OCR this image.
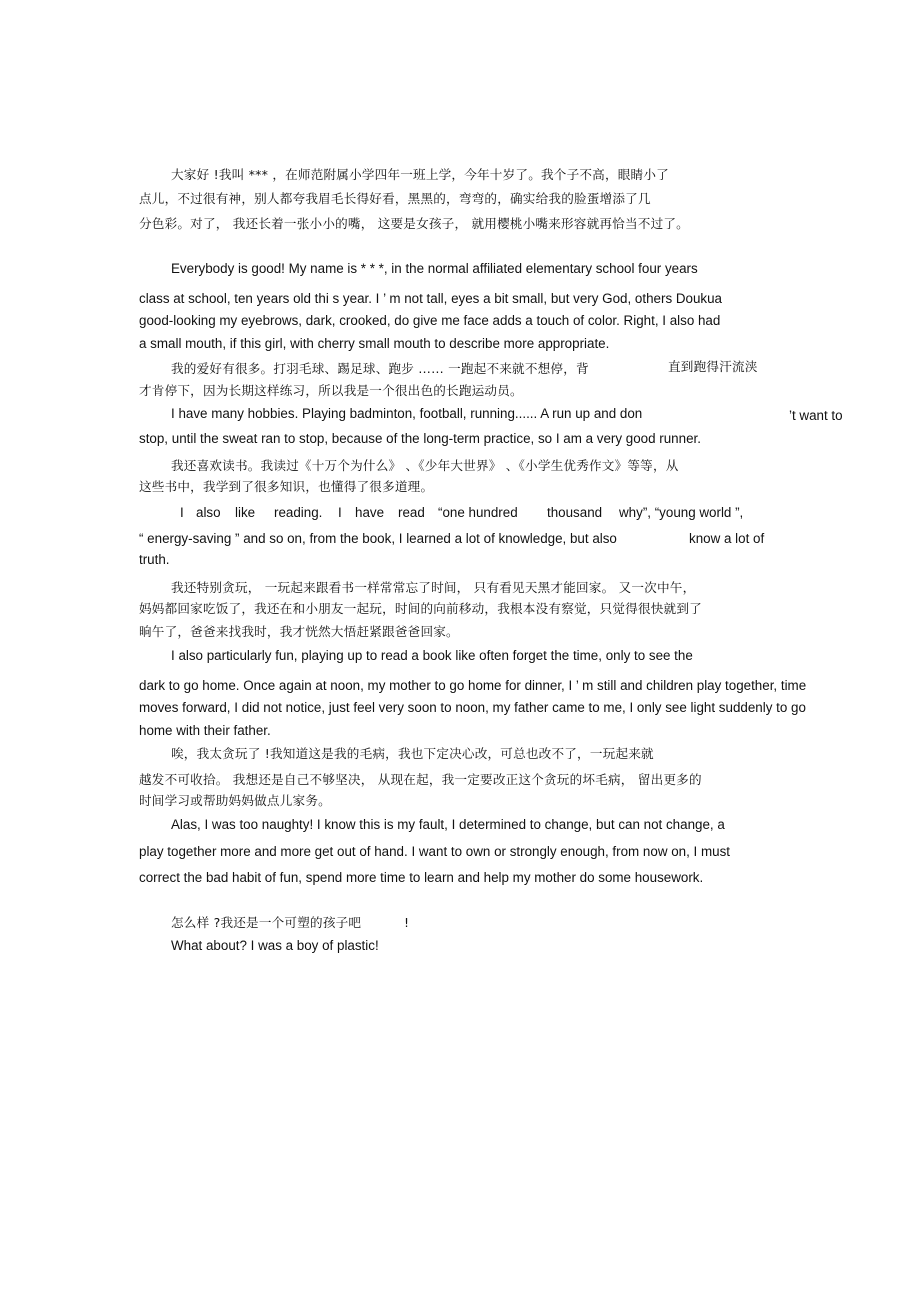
大家好 !我叫 *** ，在师范附属小学四年一班上学，今年十岁了。我个子不高，眼睛小了
点儿，不过很有神，别人都夸我眉毛长得好看，黑黑的，弯弯的，确实给我的脸蛋增添了几
分色彩。对了， 我还长着一张小小的嘴， 这要是女孩子， 就用樱桃小嘴来形容就再恰当不过了。
Everybody is good! My name is * * *, in the normal affiliated elementary school four years
class at school, ten years old thi s year. I ’ m not tall, eyes a bit small, but very God, others Doukua
good-looking my eyebrows, dark, crooked, do give me face adds a touch of color. Right, I also had
a small mouth, if this girl, with cherry small mouth to describe more appropriate.
我的爱好有很多。打羽毛球、踢足球、跑步 …… 一跑起不来就不想停，背	直到跑得汗流浃
才肯停下，因为长期这样练习，所以我是一个很出色的长跑运动员。
I have many hobbies. Playing badminton, football, running...... A run up and don	’t want to
stop, until the sweat ran to stop, because of the long-term practice, so I am a very good runner.
我还喜欢读书。我读过《十万个为什么》 、《少年大世界》 、《小学生优秀作文》等等，从
这些书中，我学到了很多知识，也懂得了很多道理。
I also like reading. I have read “one hundred thousand why”, “young world ”,
“ energy-saving ” and so on, from the book, I learned a lot of knowledge, but also	know a lot of
truth.
我还特别贪玩， 一玩起来跟看书一样常常忘了时间， 只有看见天黑才能回家。 又一次中午，
妈妈都回家吃饭了，我还在和小朋友一起玩，时间的向前移动，我根本没有察觉，只觉得很快就到了
晌午了，爸爸来找我时，我才恍然大悟赶紧跟爸爸回家。
I also particularly fun, playing up to read a book like often forget the time, only to see the
dark to go home. Once again at noon, my mother to go home for dinner, I ’ m still and children play together, time
moves forward, I did not notice, just feel very soon to noon, my father came to me, I only see light suddenly to go
home with their father.
唉，我太贪玩了 !我知道这是我的毛病，我也下定决心改，可总也改不了，一玩起来就
越发不可收拾。 我想还是自己不够坚决， 从现在起，我一定要改正这个贪玩的坏毛病， 留出更多的
时间学习或帮助妈妈做点儿家务。
Alas, I was too naughty! I know this is my fault, I determined to change, but can not change, a
play together more and more get out of hand. I want to own or strongly enough, from now on, I must
correct the bad habit of fun, spend more time to learn and help my mother do some housework.
怎么样 ?我还是一个可塑的孩子吧	!
What about? I was a boy of plastic!
